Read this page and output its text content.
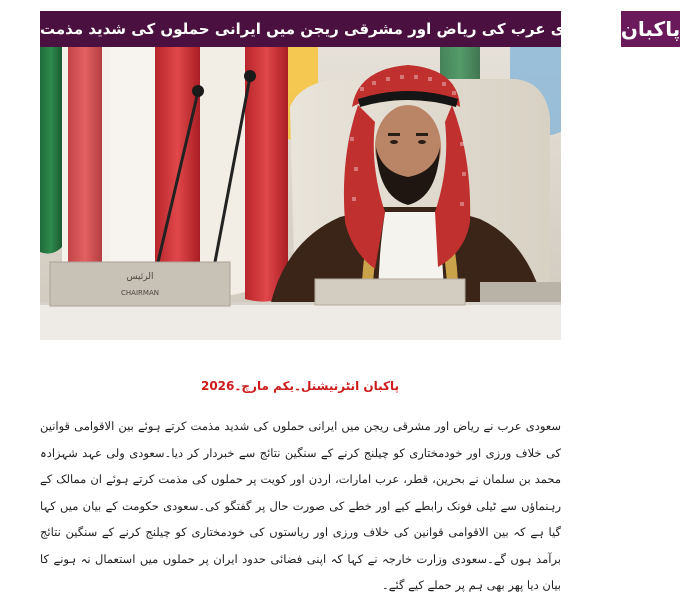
سعودی عرب کی ریاض اور مشرقی ریجن میں ایرانی حملوں کی شدید مذمت پاکبان
الرئيس
CHAIRMAN
پاکبان انٹرنیشنل۔یکم مارچ۔2026

سعودی عرب نے ریاض اور مشرقی ریجن میں ایرانی حملوں کی شدید مذمت کرتے ہوئے بین الاقوامی قوانین کی خلاف ورزی اور خودمختاری کو چیلنج کرنے کے سنگین نتائج سے خبردار کر دیا۔سعودی ولی عہد شہزادہ محمد بن سلمان نے بحرین، قطر، عرب امارات، اردن اور کویت پر حملوں کی مذمت کرتے ہوئے ان ممالک کے رہنماؤں سے ٹیلی فونک رابطے کیے اور خطے کی صورت حال پر گفتگو کی۔سعودی حکومت کے بیان میں کہا گیا ہے کہ بین الاقوامی قوانین کی خلاف ورزی اور ریاستوں کی خودمختاری کو چیلنج کرنے کے سنگین نتائج برآمد ہوں گے۔سعودی وزارت خارجہ نے کہا کہ اپنی فضائی حدود ایران پر حملوں میں استعمال نہ ہونے کا بیان دیا پھر بھی ہم پر حملے کیے گئے۔
